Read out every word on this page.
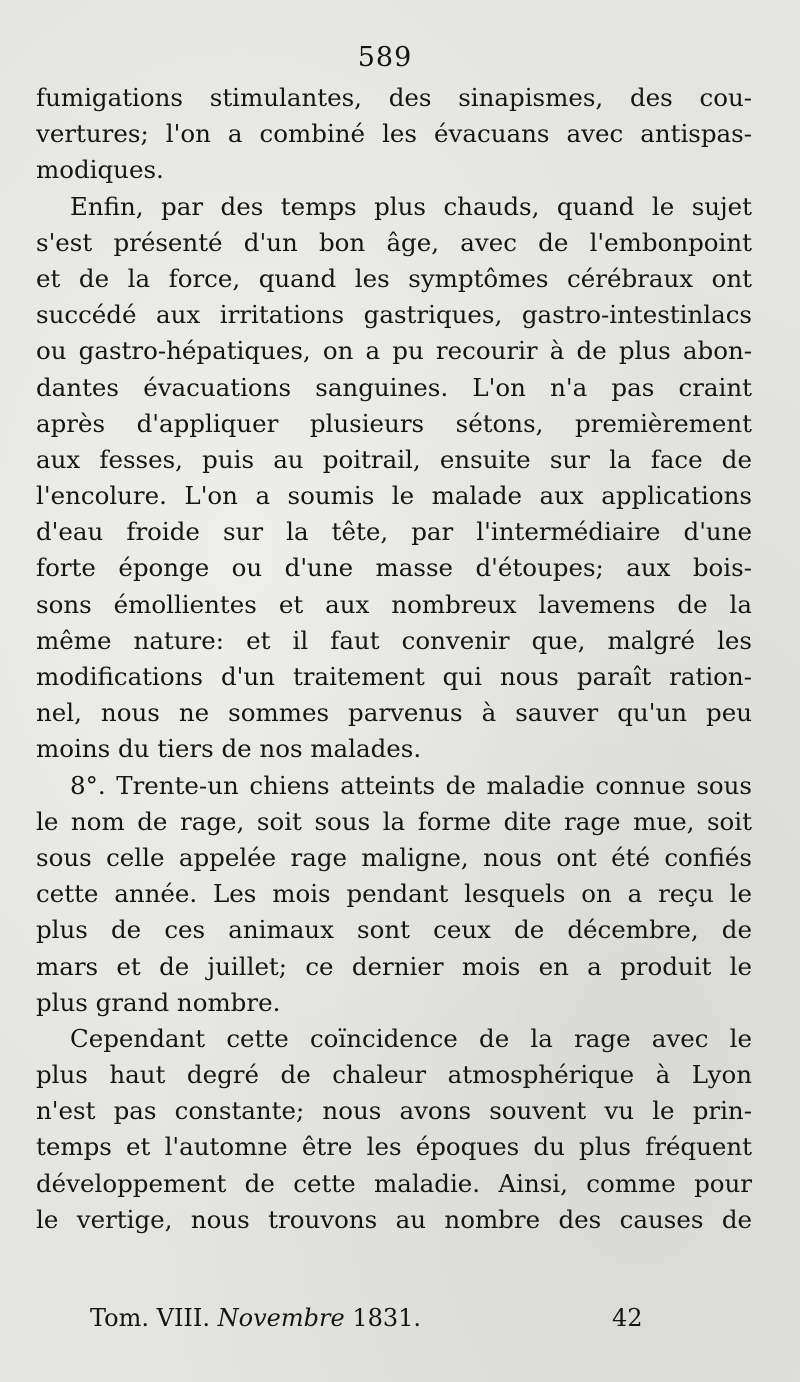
589
fumigations stimulantes, des sinapismes, des cou-
vertures; l'on a combiné les évacuans avec antispas-
modiques.
Enfin, par des temps plus chauds, quand le sujet
s'est présenté d'un bon âge, avec de l'embonpoint
et de la force, quand les symptômes cérébraux ont
succédé aux irritations gastriques, gastro-intestinlacs
ou gastro-hépatiques, on a pu recourir à de plus abon-
dantes évacuations sanguines. L'on n'a pas craint
après d'appliquer plusieurs sétons, premièrement
aux fesses, puis au poitrail, ensuite sur la face de
l'encolure. L'on a soumis le malade aux applications
d'eau froide sur la tête, par l'intermédiaire d'une
forte éponge ou d'une masse d'étoupes; aux bois-
sons émollientes et aux nombreux lavemens de la
même nature: et il faut convenir que, malgré les
modifications d'un traitement qui nous paraît ration-
nel, nous ne sommes parvenus à sauver qu'un peu
moins du tiers de nos malades.
8°. Trente-un chiens atteints de maladie connue sous
le nom de rage, soit sous la forme dite rage mue, soit
sous celle appelée rage maligne, nous ont été confiés
cette année. Les mois pendant lesquels on a reçu le
plus de ces animaux sont ceux de décembre, de
mars et de juillet; ce dernier mois en a produit le
plus grand nombre.
Cependant cette coïncidence de la rage avec le
plus haut degré de chaleur atmosphérique à Lyon
n'est pas constante; nous avons souvent vu le prin-
temps et l'automne être les époques du plus fréquent
développement de cette maladie. Ainsi, comme pour
le vertige, nous trouvons au nombre des causes de
Tom. VIII. Novembre 1831.	42
